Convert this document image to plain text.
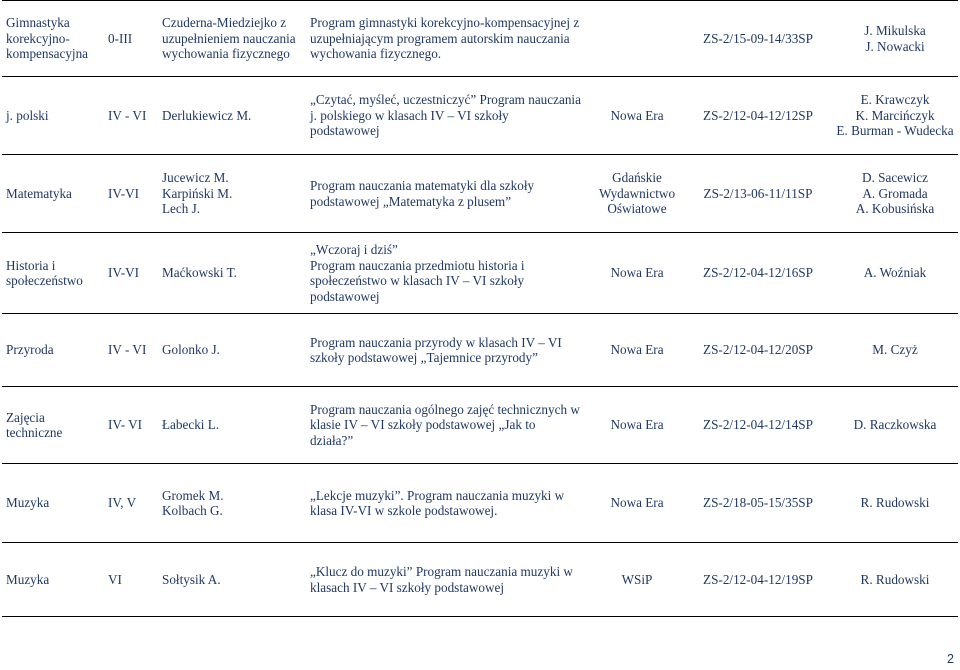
Gimnastyka
korekcyjno-
kompensacyjna	0-III	Czuderna-Miedziejko z
uzupełnieniem nauczania
wychowania fizycznego	Program gimnastyki korekcyjno-kompensacyjnej z
uzupełniającym programem autorskim nauczania
wychowania fizycznego.		ZS-2/15-09-14/33SP	J. Mikulska
J. Nowacki

j. polski	IV - VI	Derlukiewicz M.	„Czytać, myśleć, uczestniczyć” Program nauczania
j. polskiego w klasach IV – VI szkoły
podstawowej	Nowa Era	ZS-2/12-04-12/12SP	E. Krawczyk
K. Marcińczyk
E. Burman - Wudecka

Matematyka	IV-VI	Jucewicz M.
Karpiński M.
Lech J.	Program nauczania matematyki dla szkoły
podstawowej „Matematyka z plusem”	Gdańskie
Wydawnictwo
Oświatowe	ZS-2/13-06-11/11SP	D. Sacewicz
A. Gromada
A. Kobusińska

Historia i
społeczeństwo	IV-VI	Maćkowski T.	„Wczoraj i dziś”
Program nauczania przedmiotu historia i
społeczeństwo w klasach IV – VI szkoły
podstawowej	Nowa Era	ZS-2/12-04-12/16SP	A. Woźniak

Przyroda	IV - VI	Golonko J.	Program nauczania przyrody w klasach IV – VI
szkoły podstawowej „Tajemnice przyrody”	Nowa Era	ZS-2/12-04-12/20SP	M. Czyż

Zajęcia
techniczne	IV- VI	Łabecki L.	Program nauczania ogólnego zajęć technicznych w
klasie IV – VI szkoły podstawowej „Jak to
działa?”	Nowa Era	ZS-2/12-04-12/14SP	D. Raczkowska

Muzyka	IV, V	Gromek M.
Kolbach G.	„Lekcje muzyki”. Program nauczania muzyki w
klasa IV-VI w szkole podstawowej.	Nowa Era	ZS-2/18-05-15/35SP	R. Rudowski

Muzyka	VI	Sołtysik A.	„Klucz do muzyki” Program nauczania muzyki w
klasach IV – VI szkoły podstawowej	WSiP	ZS-2/12-04-12/19SP	R. Rudowski
2
